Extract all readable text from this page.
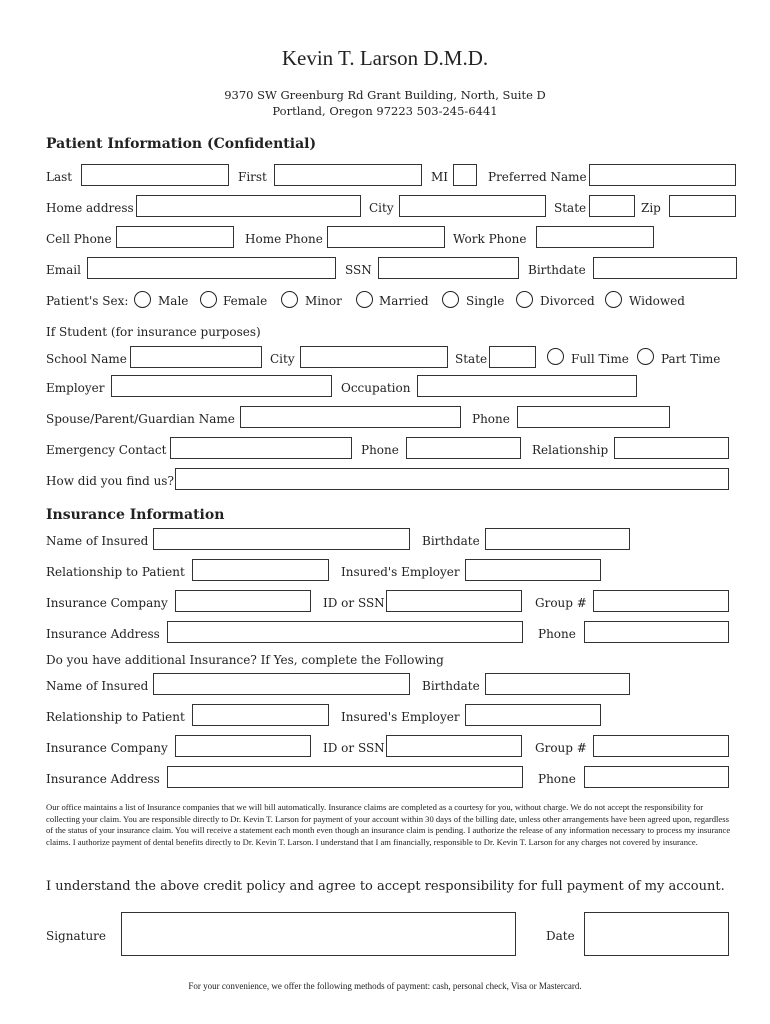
Kevin T. Larson D.M.D.
9370 SW Greenburg Rd Grant Building, North, Suite D
Portland, Oregon 97223 503-245-6441
Patient Information (Confidential)
Last	First	MI	Preferred Name
Home address	City	State	Zip
Cell Phone	Home Phone	Work Phone
Email	SSN	Birthdate
Patient's Sex: Male	Female	Minor	Married	Single	Divorced	Widowed
If Student (for insurance purposes)
School Name	City	State	Full Time	Part Time
Employer	Occupation
Spouse/Parent/Guardian Name	Phone
Emergency Contact	Phone	Relationship
How did you find us?
Insurance Information
Name of Insured	Birthdate
Relationship to Patient	Insured's Employer
Insurance Company	ID or SSN	Group #
Insurance Address	Phone
Do you have additional Insurance? If Yes, complete the Following
Name of Insured	Birthdate
Relationship to Patient	Insured's Employer
Insurance Company	ID or SSN	Group #
Insurance Address	Phone
Our office maintains a list of Insurance companies that we will bill automatically. Insurance claims are completed as a courtesy for you, without charge. We do not accept the responsibility for collecting your claim. You are responsible directly to Dr. Kevin T. Larson for payment of your account within 30 days of the billing date, unless other arrangements have been agreed upon, regardless of the status of your insurance claim. You will receive a statement each month even though an insurance claim is pending. I authorize the release of any information necessary to process my insurance claims. I authorize payment of dental benefits directly to Dr. Kevin T. Larson. I understand that I am financially, responsible to Dr. Kevin T. Larson for any charges not covered by insurance.
I understand the above credit policy and agree to accept responsibility for full payment of my account.
Signature	Date
For your convenience, we offer the following methods of payment: cash, personal check, Visa or Mastercard.
